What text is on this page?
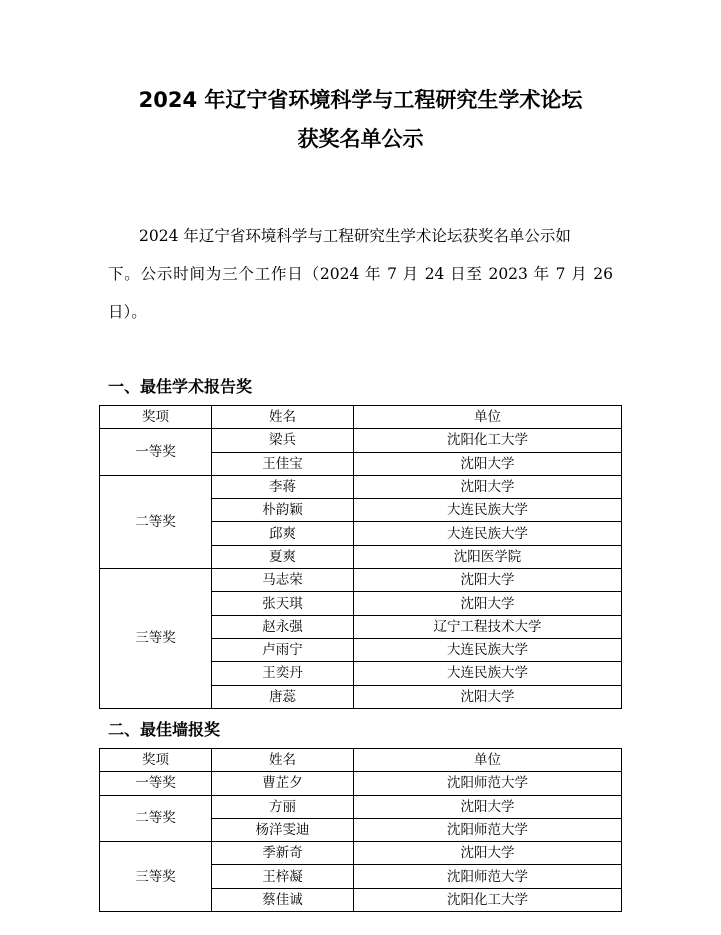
2024 年辽宁省环境科学与工程研究生学术论坛
获奖名单公示
2024 年辽宁省环境科学与工程研究生学术论坛获奖名单公示如
下。公示时间为三个工作日（2024 年 7 月 24 日至 2023 年 7 月 26
日）。
一、最佳学术报告奖
奖项	姓名	单位
一等奖	梁兵	沈阳化工大学
	王佳宝	沈阳大学
二等奖	李蒋	沈阳大学
	朴韵颖	大连民族大学
	邱爽	大连民族大学
	夏爽	沈阳医学院
三等奖	马志荣	沈阳大学
	张天琪	沈阳大学
	赵永强	辽宁工程技术大学
	卢雨宁	大连民族大学
	王奕丹	大连民族大学
	唐蕊	沈阳大学
二、最佳墙报奖
奖项	姓名	单位
一等奖	曹芷夕	沈阳师范大学
二等奖	方丽	沈阳大学
	杨洋雯迪	沈阳师范大学
三等奖	季新奇	沈阳大学
	王梓凝	沈阳师范大学
	蔡佳诚	沈阳化工大学
